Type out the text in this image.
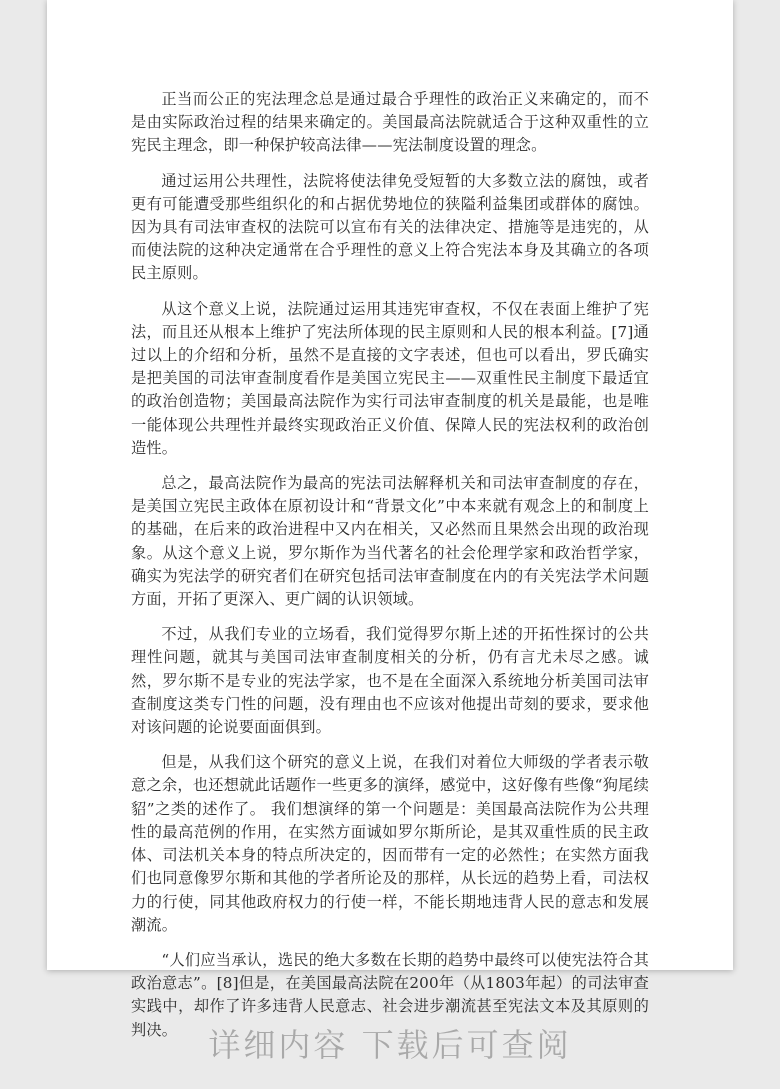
正当而公正的宪法理念总是通过最合乎理性的政治正义来确定的，而不是由实际政治过程的结果来确定的。美国最高法院就适合于这种双重性的立宪民主理念，即一种保护较高法律——宪法制度设置的理念。

通过运用公共理性，法院将使法律免受短暂的大多数立法的腐蚀，或者更有可能遭受那些组织化的和占据优势地位的狭隘利益集团或群体的腐蚀。因为具有司法审查权的法院可以宣布有关的法律决定、措施等是违宪的，从而使法院的这种决定通常在合乎理性的意义上符合宪法本身及其确立的各项民主原则。

从这个意义上说，法院通过运用其违宪审查权，不仅在表面上维护了宪法，而且还从根本上维护了宪法所体现的民主原则和人民的根本利益。[7]通过以上的介绍和分析，虽然不是直接的文字表述，但也可以看出，罗氏确实是把美国的司法审查制度看作是美国立宪民主——双重性民主制度下最适宜的政治创造物；美国最高法院作为实行司法审查制度的机关是最能，也是唯一能体现公共理性并最终实现政治正义价值、保障人民的宪法权利的政治创造性。

总之，最高法院作为最高的宪法司法解释机关和司法审查制度的存在，是美国立宪民主政体在原初设计和“背景文化”中本来就有观念上的和制度上的基础，在后来的政治进程中又内在相关，又必然而且果然会出现的政治现象。从这个意义上说，罗尔斯作为当代著名的社会伦理学家和政治哲学家，确实为宪法学的研究者们在研究包括司法审查制度在内的有关宪法学术问题方面，开拓了更深入、更广阔的认识领域。

不过，从我们专业的立场看，我们觉得罗尔斯上述的开拓性探讨的公共理性问题，就其与美国司法审查制度相关的分析，仍有言尤未尽之感。诚然，罗尔斯不是专业的宪法学家，也不是在全面深入系统地分析美国司法审查制度这类专门性的问题，没有理由也不应该对他提出苛刻的要求，要求他对该问题的论说要面面俱到。

但是，从我们这个研究的意义上说，在我们对着位大师级的学者表示敬意之余，也还想就此话题作一些更多的演绎，感觉中，这好像有些像“狗尾续貂”之类的述作了。 我们想演绎的第一个问题是：美国最高法院作为公共理性的最高范例的作用，在实然方面诚如罗尔斯所论，是其双重性质的民主政体、司法机关本身的特点所决定的，因而带有一定的必然性；在实然方面我们也同意像罗尔斯和其他的学者所论及的那样，从长远的趋势上看，司法权力的行使，同其他政府权力的行使一样，不能长期地违背人民的意志和发展潮流。

“人们应当承认，选民的绝大多数在长期的趋势中最终可以使宪法符合其政治意志”。[8]但是，在美国最高法院在200年（从1803年起）的司法审查实践中，却作了许多违背人民意志、社会进步潮流甚至宪法文本及其原则的判决。 详细内容 下载后可查阅
